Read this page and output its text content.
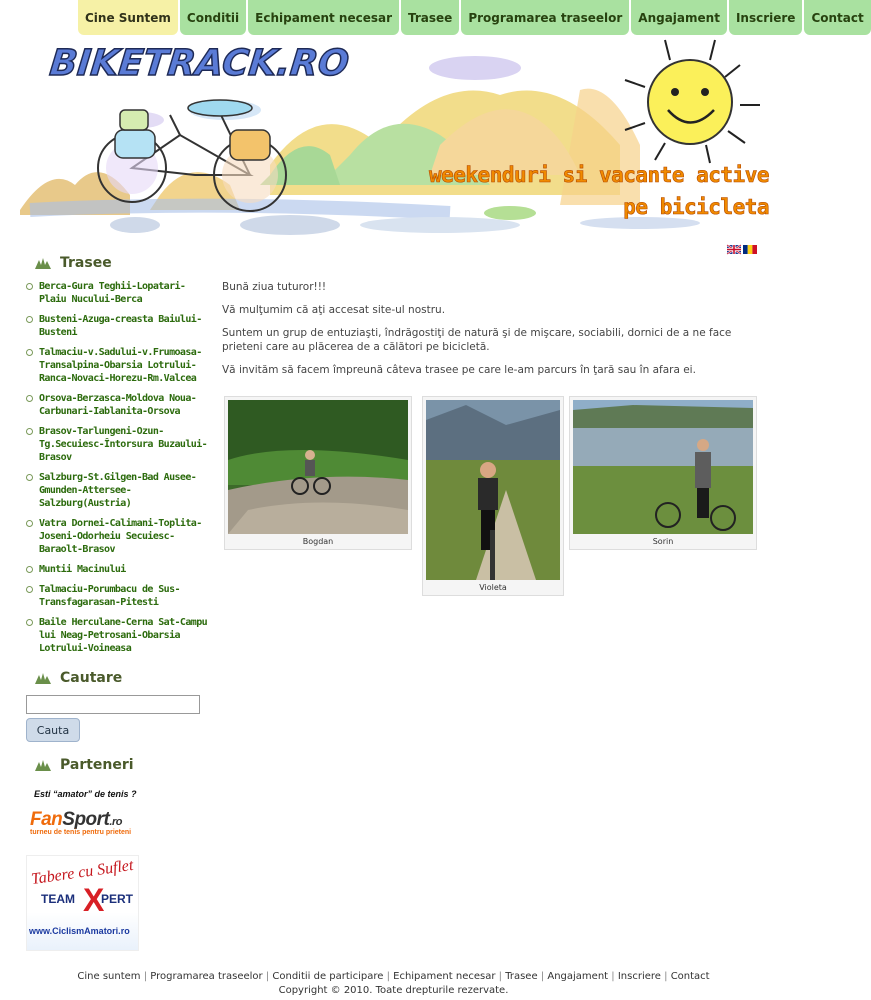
Cine Suntem	Conditii	Echipament necesar	Trasee	Programarea traseelor	Angajament	Inscriere	Contact
BIKETRACK.RO
weekenduri si vacante active
pe bicicleta
Trasee
Berca-Gura Teghii-Lopatari-Plaiu Nucului-Berca
Busteni-Azuga-creasta Baiului-Busteni
Talmaciu-v.Sadului-v.Frumoasa-Transalpina-Obarsia Lotrului-Ranca-Novaci-Horezu-Rm.Valcea
Orsova-Berzasca-Moldova Noua-Carbunari-Iablanita-Orsova
Brasov-Tarlungeni-Ozun-Tg.Secuiesc-Întorsura Buzaului-Brasov
Salzburg-St.Gilgen-Bad Ausee-Gmunden-Attersee-Salzburg(Austria)
Vatra Dornei-Calimani-Toplita-Joseni-Odorheiu Secuiesc-Baraolt-Brasov
Muntii Macinului
Talmaciu-Porumbacu de Sus-Transfagarasan-Pitesti
Baile Herculane-Cerna Sat-Campu lui Neag-Petrosani-Obarsia Lotrului-Voineasa
Cautare
Cauta
Parteneri
Esti “amator” de tenis ?
FanSport.ro
turneu de tenis pentru prieteni
Tabere cu Suflet
TEAM X
PERT
www.CiclismAmatori.ro

Bună ziua tuturor!!!

Vă mulţumim că aţi accesat site-ul nostru.

Suntem un grup de entuziaşti, îndrăgostiţi de natură şi de mişcare, sociabili, dornici de a ne face prieteni care au plăcerea de a călători pe bicicletă.

Vă invităm să facem împreună câteva trasee pe care le-am parcurs în ţară sau în afara ei.

Bogdan
Violeta
Sorin
Cine suntem | Programarea traseelor | Conditii de participare | Echipament necesar | Trasee | Angajament | Inscriere | Contact
Copyright © 2010. Toate drepturile rezervate.
